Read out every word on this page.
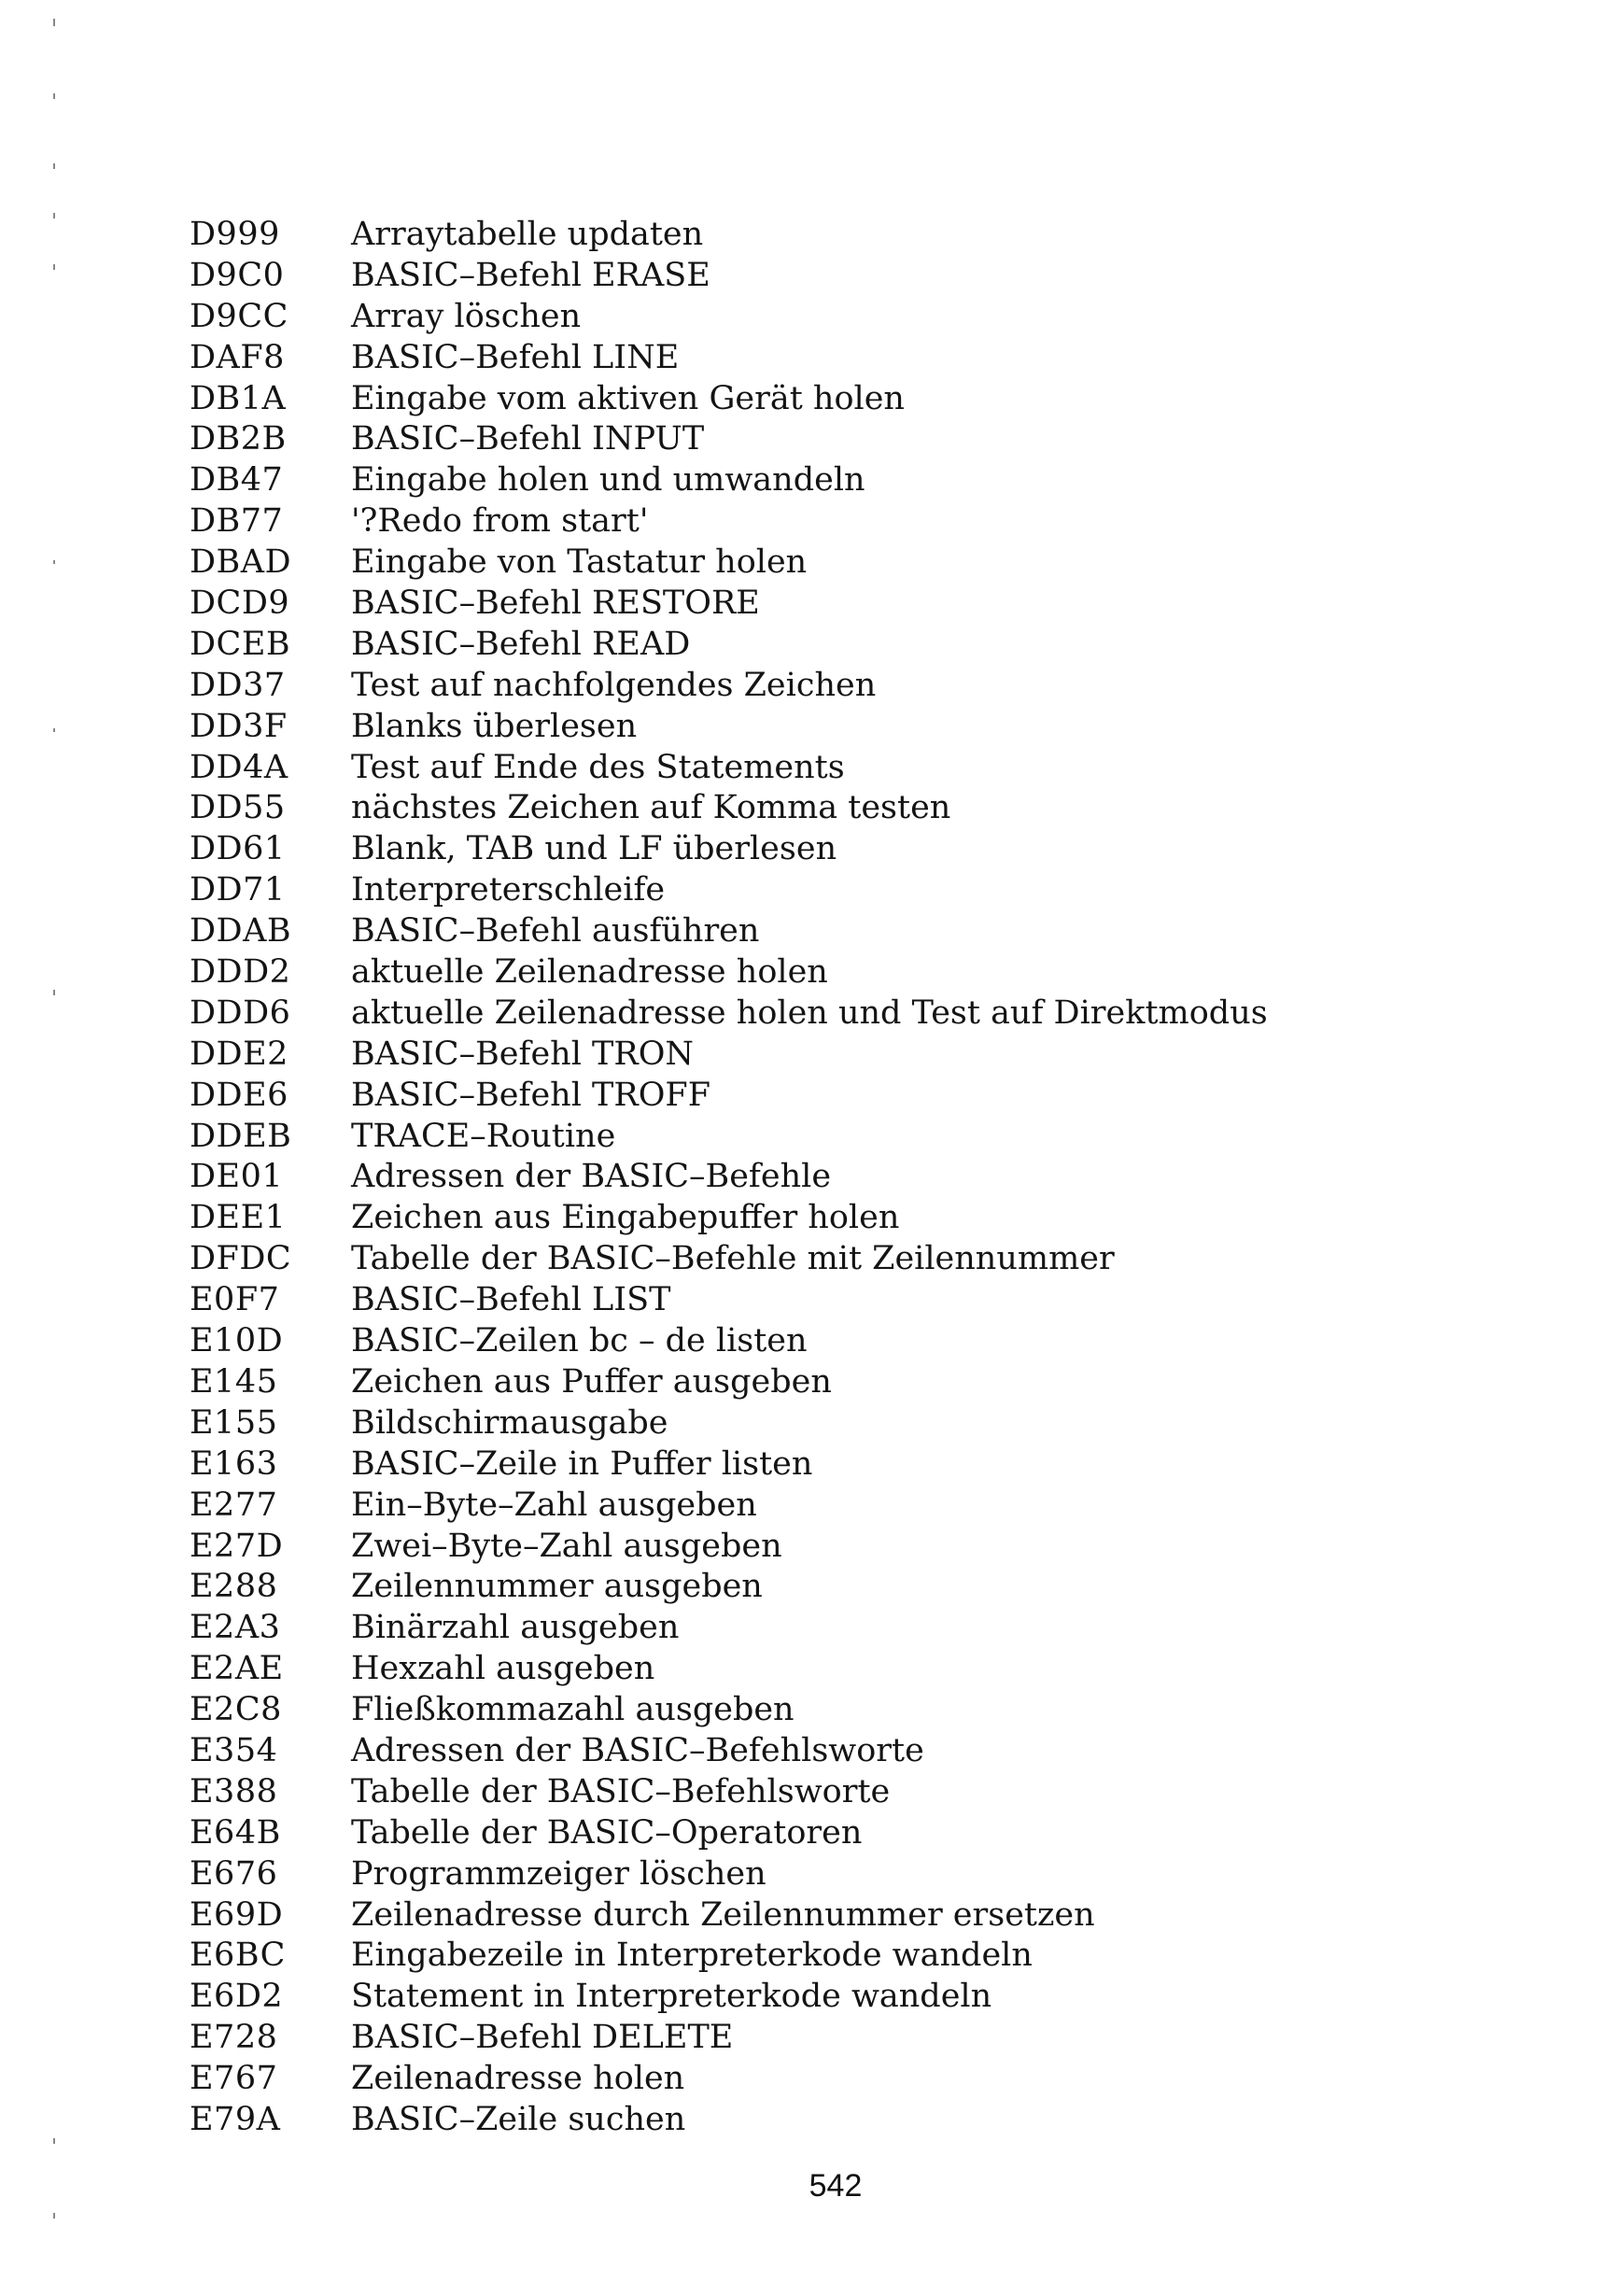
D999	Arraytabelle updaten
D9C0	BASIC–Befehl ERASE
D9CC	Array löschen
DAF8	BASIC–Befehl LINE
DB1A	Eingabe vom aktiven Gerät holen
DB2B	BASIC–Befehl INPUT
DB47	Eingabe holen und umwandeln
DB77	'?Redo from start'
DBAD	Eingabe von Tastatur holen
DCD9	BASIC–Befehl RESTORE
DCEB	BASIC–Befehl READ
DD37	Test auf nachfolgendes Zeichen
DD3F	Blanks überlesen
DD4A	Test auf Ende des Statements
DD55	nächstes Zeichen auf Komma testen
DD61	Blank, TAB und LF überlesen
DD71	Interpreterschleife
DDAB	BASIC–Befehl ausführen
DDD2	aktuelle Zeilenadresse holen
DDD6	aktuelle Zeilenadresse holen und Test auf Direktmodus
DDE2	BASIC–Befehl TRON
DDE6	BASIC–Befehl TROFF
DDEB	TRACE–Routine
DE01	Adressen der BASIC–Befehle
DEE1	Zeichen aus Eingabepuffer holen
DFDC	Tabelle der BASIC–Befehle mit Zeilennummer
E0F7	BASIC–Befehl LIST
E10D	BASIC–Zeilen bc – de listen
E145	Zeichen aus Puffer ausgeben
E155	Bildschirmausgabe
E163	BASIC–Zeile in Puffer listen
E277	Ein–Byte–Zahl ausgeben
E27D	Zwei–Byte–Zahl ausgeben
E288	Zeilennummer ausgeben
E2A3	Binärzahl ausgeben
E2AE	Hexzahl ausgeben
E2C8	Fließkommazahl ausgeben
E354	Adressen der BASIC–Befehlsworte
E388	Tabelle der BASIC–Befehlsworte
E64B	Tabelle der BASIC–Operatoren
E676	Programmzeiger löschen
E69D	Zeilenadresse durch Zeilennummer ersetzen
E6BC	Eingabezeile in Interpreterkode wandeln
E6D2	Statement in Interpreterkode wandeln
E728	BASIC–Befehl DELETE
E767	Zeilenadresse holen
E79A	BASIC–Zeile suchen
542
